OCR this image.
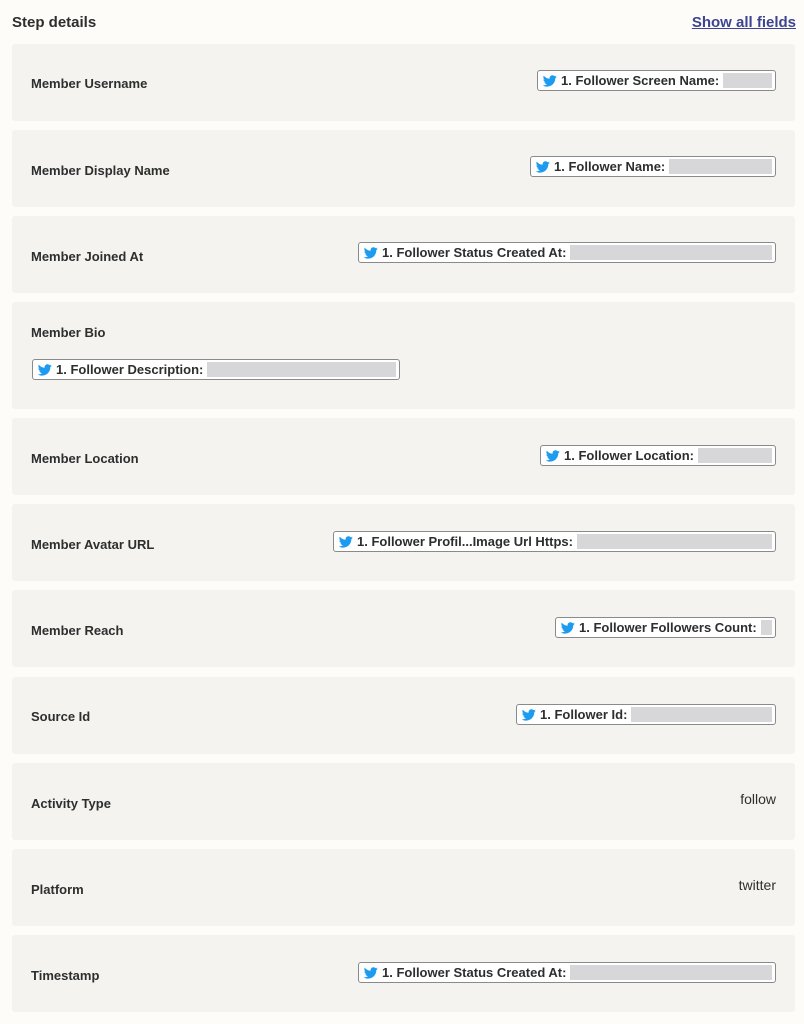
Step details	Show all fields
Member Username	1. Follower Screen Name:
Member Display Name	1. Follower Name:
Member Joined At	1. Follower Status Created At:
Member Bio
1. Follower Description:
Member Location	1. Follower Location:
Member Avatar URL	1. Follower Profil...Image Url Https:
Member Reach	1. Follower Followers Count:
Source Id	1. Follower Id:
Activity Type	follow
Platform	twitter
Timestamp	1. Follower Status Created At:
